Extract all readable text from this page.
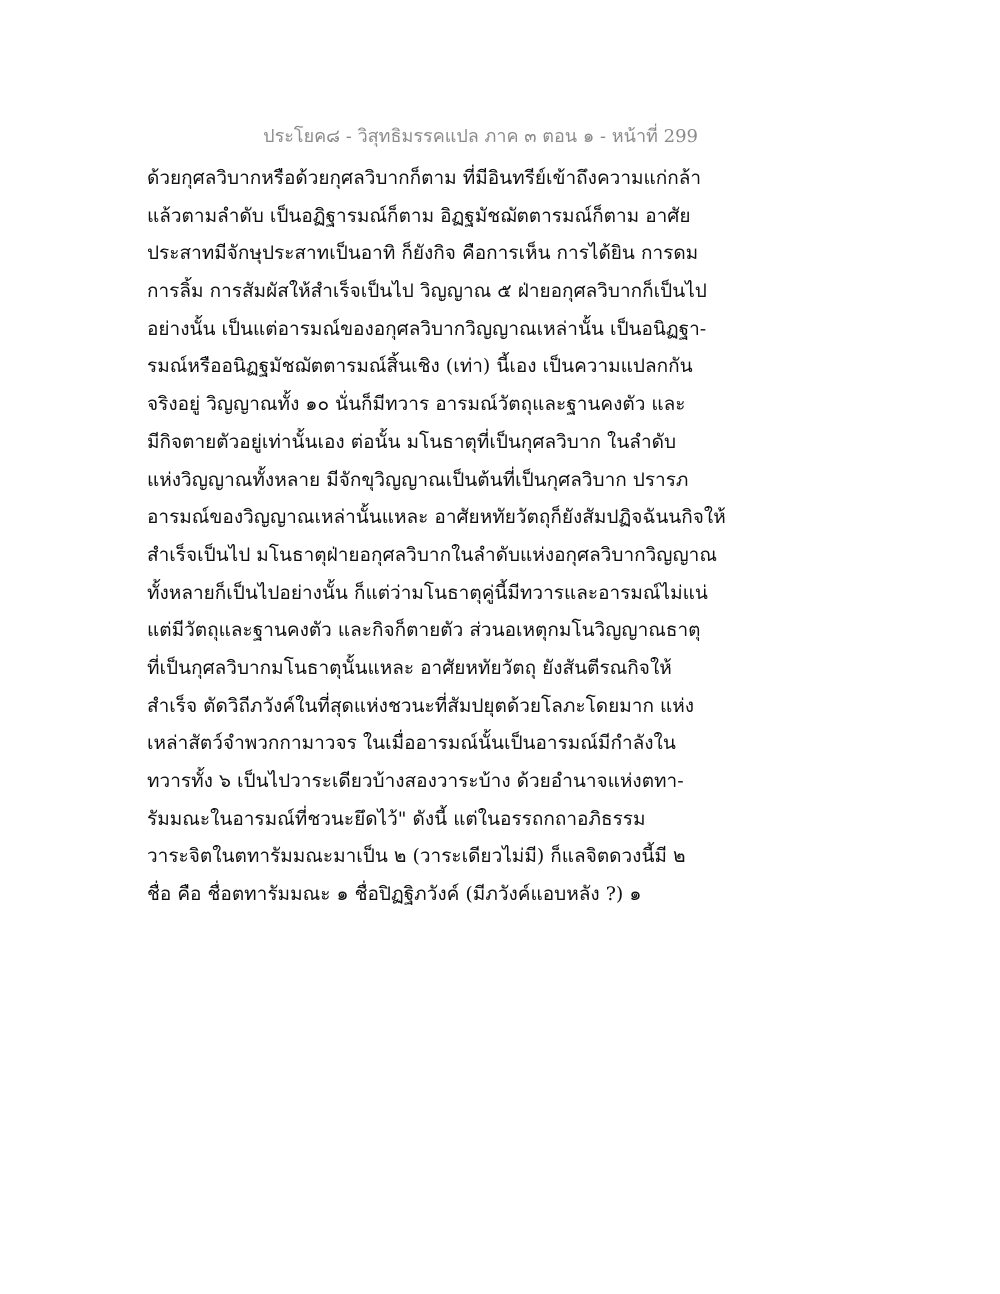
ประโยค๘ - วิสุทธิมรรคแปล ภาค ๓ ตอน ๑ - หน้าที่ 299
ด้วยกุศลวิบากหรือด้วยกุศลวิบากก็ตาม ที่มีอินทรีย์เข้าถึงความแก่กล้า
แล้วตามลำดับ เป็นอฏิฐารมณ์ก็ตาม อิฏฐมัชฌัตตารมณ์ก็ตาม อาศัย
ประสาทมีจักษุประสาทเป็นอาทิ ก็ยังกิจ คือการเห็น การได้ยิน การดม
การลิ้ม การสัมผัสให้สำเร็จเป็นไป วิญญาณ ๕ ฝ่ายอกุศลวิบากก็เป็นไป
อย่างนั้น เป็นแต่อารมณ์ของอกุศลวิบากวิญญาณเหล่านั้น เป็นอนิฏฐา-
รมณ์หรืออนิฏฐมัชฌัตตารมณ์สิ้นเชิง (เท่า) นี้เอง เป็นความแปลกกัน
จริงอยู่ วิญญาณทั้ง ๑๐ นั่นก็มีทวาร อารมณ์วัตถุและฐานคงตัว และ
มีกิจตายตัวอยู่เท่านั้นเอง ต่อนั้น มโนธาตุที่เป็นกุศลวิบาก ในลำดับ
แห่งวิญญาณทั้งหลาย มีจักขุวิญญาณเป็นต้นที่เป็นกุศลวิบาก ปรารภ
อารมณ์ของวิญญาณเหล่านั้นแหละ อาศัยหทัยวัตถุก็ยังสัมปฏิจฉันนกิจให้
สำเร็จเป็นไป มโนธาตุฝ่ายอกุศลวิบากในลำดับแห่งอกุศลวิบากวิญญาณ
ทั้งหลายก็เป็นไปอย่างนั้น ก็แต่ว่ามโนธาตุคู่นี้มีทวารและอารมณ์ไม่แน่
แต่มีวัตถุและฐานคงตัว และกิจก็ตายตัว ส่วนอเหตุกมโนวิญญาณธาตุ
ที่เป็นกุศลวิบากมโนธาตุนั้นแหละ อาศัยหทัยวัตถุ ยังสันตีรณกิจให้
สำเร็จ ตัดวิถีภวังค์ในที่สุดแห่งชวนะที่สัมปยุตด้วยโลภะโดยมาก แห่ง
เหล่าสัตว์จำพวกกามาวจร ในเมื่ออารมณ์นั้นเป็นอารมณ์มีกำลังใน
ทวารทั้ง ๖ เป็นไปวาระเดียวบ้างสองวาระบ้าง ด้วยอำนาจแห่งตทา-
รัมมณะในอารมณ์ที่ชวนะยึดไว้" ดังนี้ แต่ในอรรถกถาอภิธรรม
วาระจิตในตทารัมมณะมาเป็น ๒ (วาระเดียวไม่มี) ก็แลจิตดวงนี้มี ๒
ชื่อ คือ ชื่อตทารัมมณะ ๑ ชื่อปิฏฐิภวังค์ (มีภวังค์แอบหลัง ?) ๑
